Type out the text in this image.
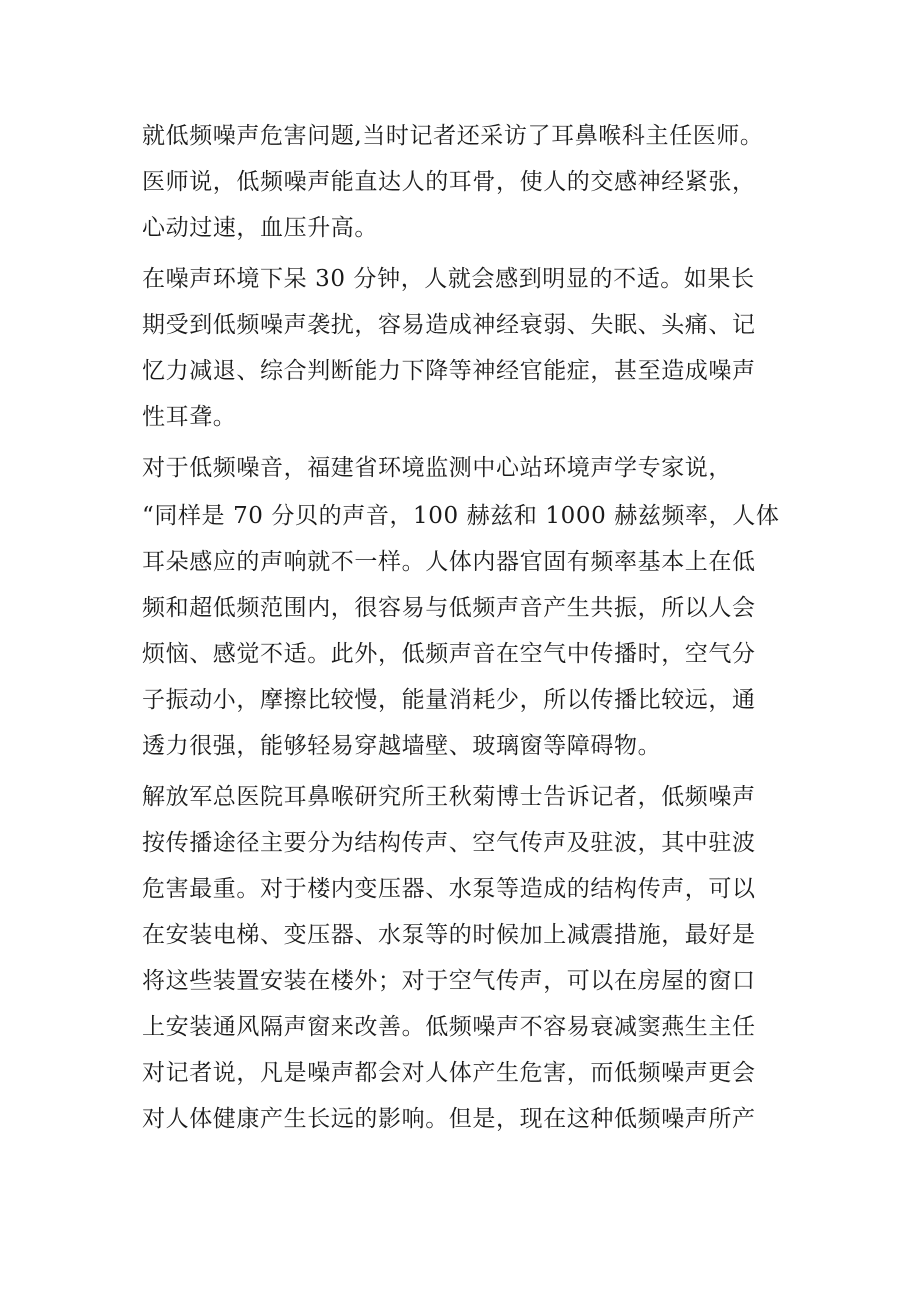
就低频噪声危害问题,当时记者还采访了耳鼻喉科主任医师。

医师说，低频噪声能直达人的耳骨，使人的交感神经紧张，

心动过速，血压升高。

在噪声环境下呆 30 分钟，人就会感到明显的不适。如果长

期受到低频噪声袭扰，容易造成神经衰弱、失眠、头痛、记

忆力减退、综合判断能力下降等神经官能症，甚至造成噪声

性耳聋。

对于低频噪音，福建省环境监测中心站环境声学专家说，

“同样是 70 分贝的声音，100 赫兹和 1000 赫兹频率，人体

耳朵感应的声响就不一样。人体内器官固有频率基本上在低

频和超低频范围内，很容易与低频声音产生共振，所以人会

烦恼、感觉不适。此外，低频声音在空气中传播时，空气分

子振动小，摩擦比较慢，能量消耗少，所以传播比较远，通

透力很强，能够轻易穿越墙壁、玻璃窗等障碍物。

解放军总医院耳鼻喉研究所王秋菊博士告诉记者，低频噪声

按传播途径主要分为结构传声、空气传声及驻波，其中驻波

危害最重。对于楼内变压器、水泵等造成的结构传声，可以

在安装电梯、变压器、水泵等的时候加上减震措施，最好是

将这些装置安装在楼外；对于空气传声，可以在房屋的窗口

上安装通风隔声窗来改善。低频噪声不容易衰减窦燕生主任

对记者说，凡是噪声都会对人体产生危害，而低频噪声更会

对人体健康产生长远的影响。但是，现在这种低频噪声所产
